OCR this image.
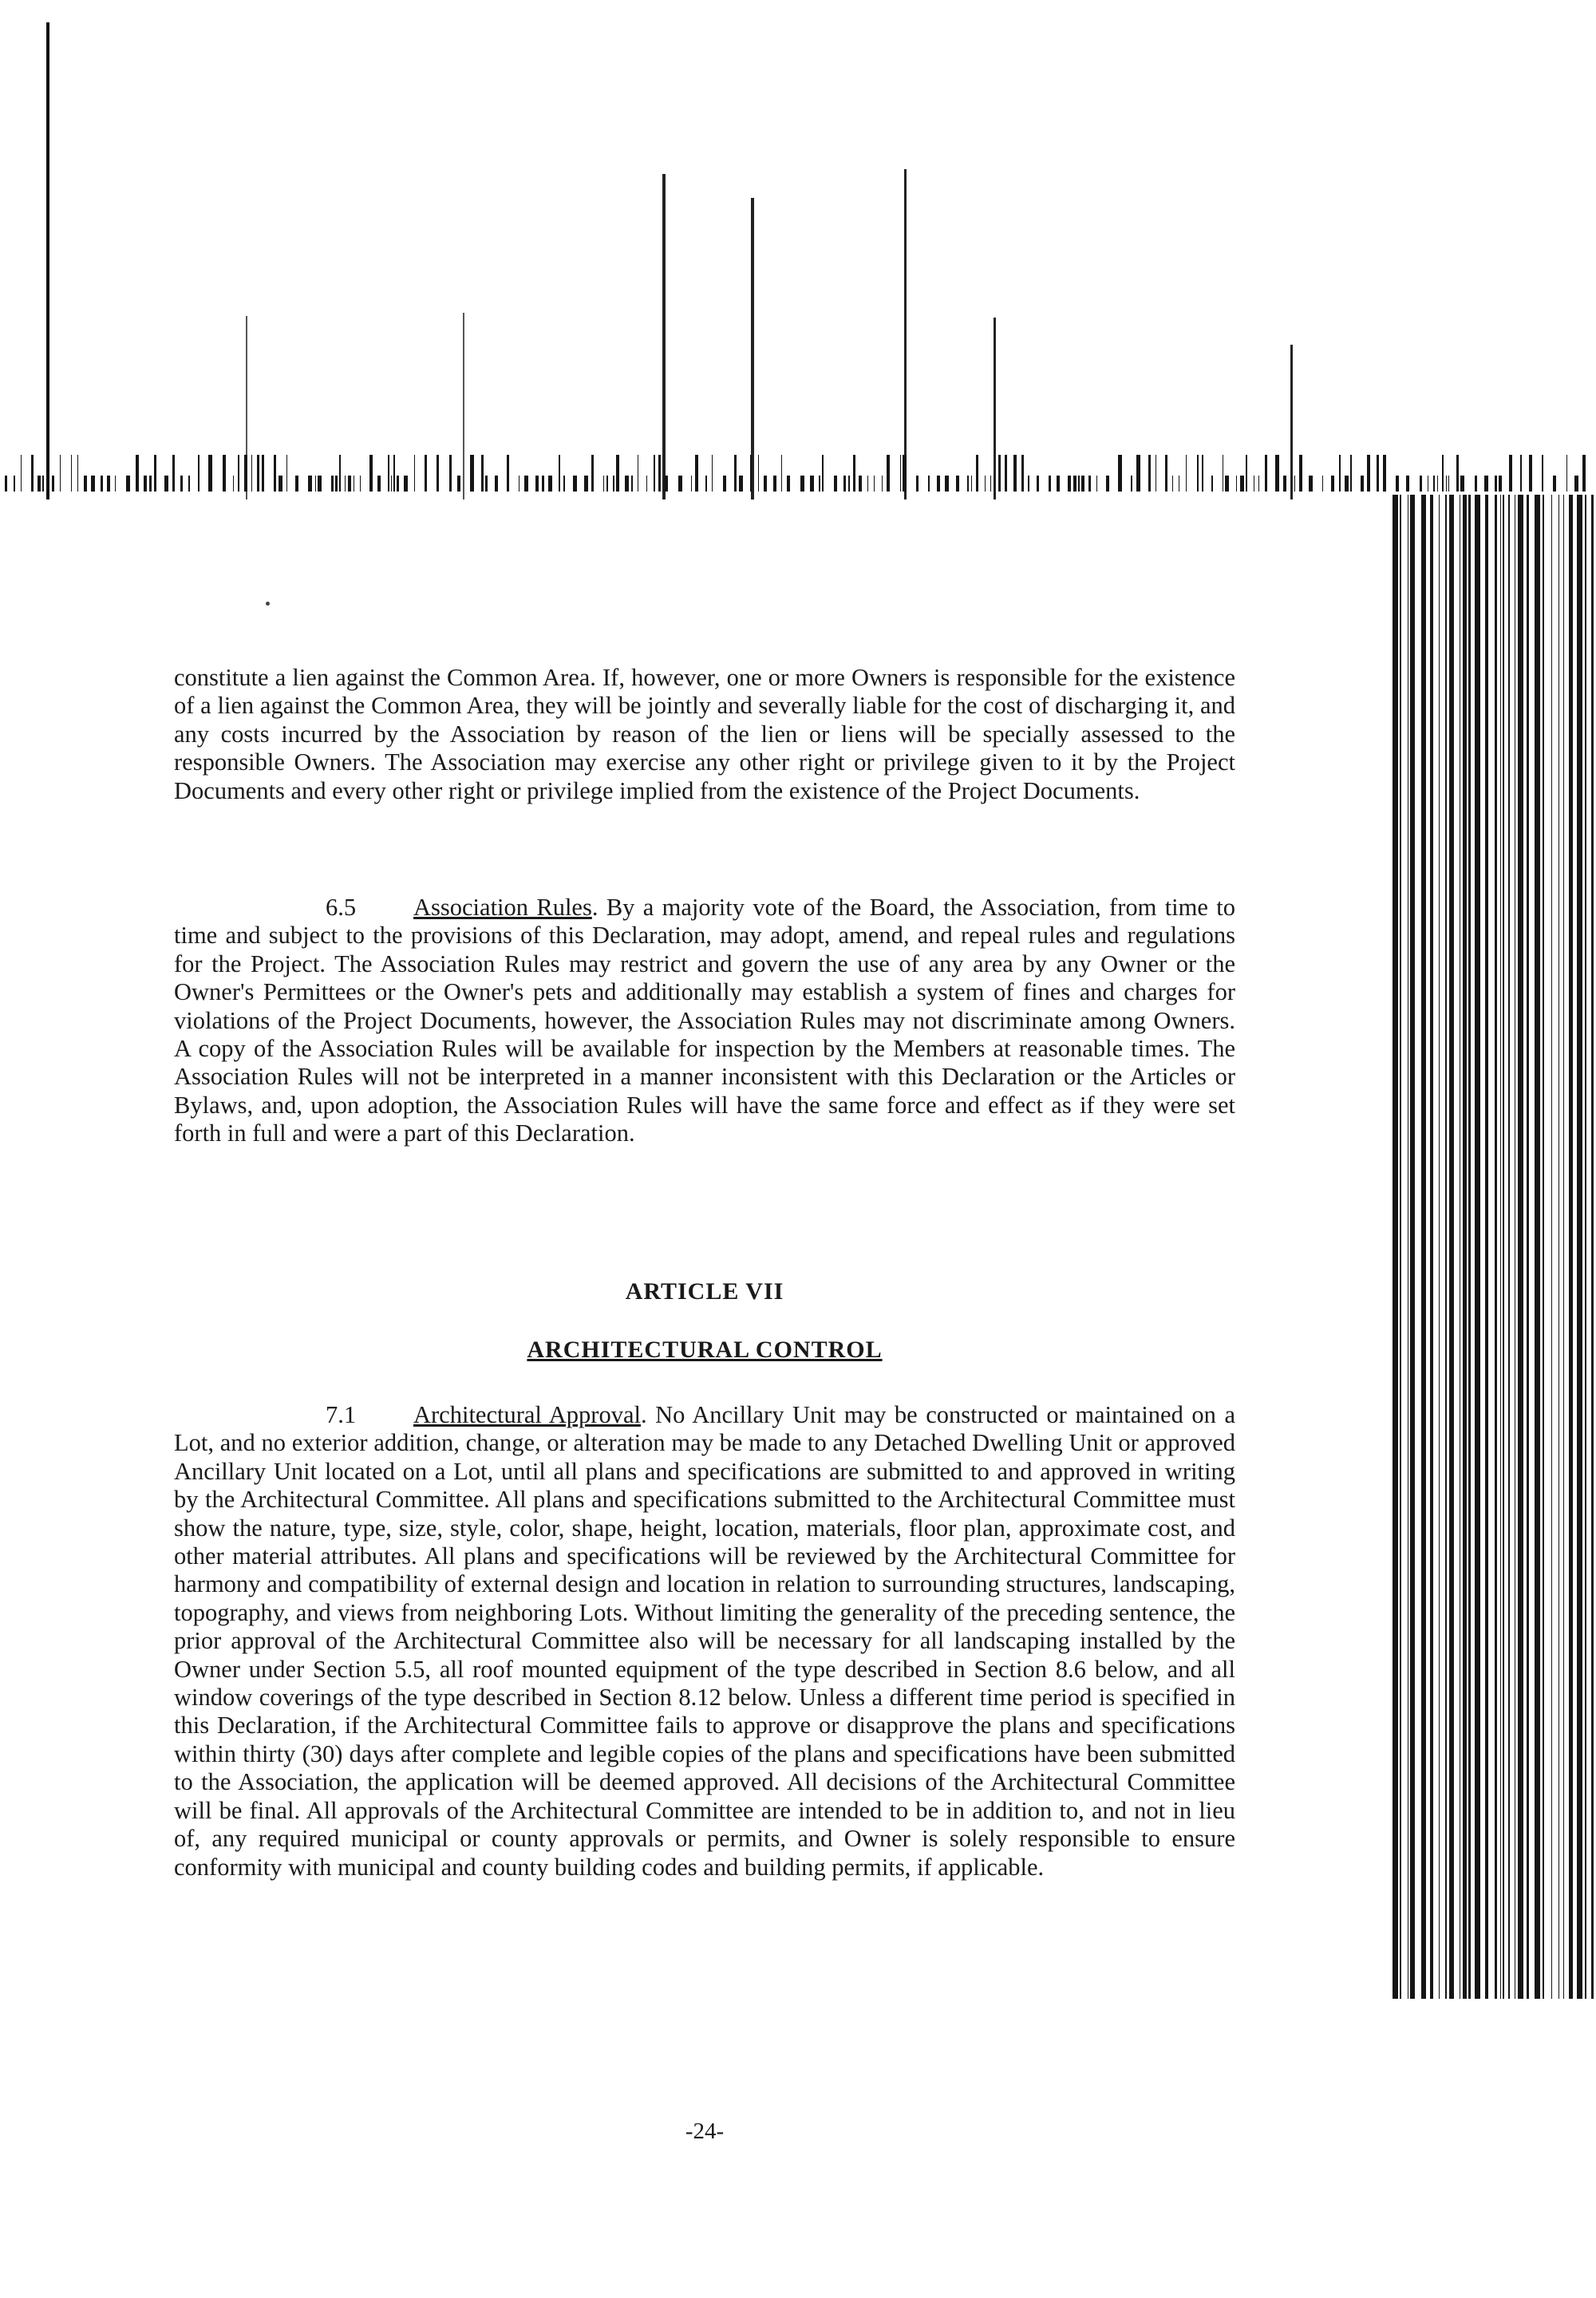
constitute a lien against the Common Area. If, however, one or more Owners is responsible for the existence of a lien against the Common Area, they will be jointly and severally liable for the cost of discharging it, and any costs incurred by the Association by reason of the lien or liens will be specially assessed to the responsible Owners. The Association may exercise any other right or privilege given to it by the Project Documents and every other right or privilege implied from the existence of the Project Documents.

6.5 Association Rules. By a majority vote of the Board, the Association, from time to time and subject to the provisions of this Declaration, may adopt, amend, and repeal rules and regulations for the Project. The Association Rules may restrict and govern the use of any area by any Owner or the Owner's Permittees or the Owner's pets and additionally may establish a system of fines and charges for violations of the Project Documents, however, the Association Rules may not discriminate among Owners. A copy of the Association Rules will be available for inspection by the Members at reasonable times. The Association Rules will not be interpreted in a manner inconsistent with this Declaration or the Articles or Bylaws, and, upon adoption, the Association Rules will have the same force and effect as if they were set forth in full and were a part of this Declaration.

ARTICLE VII

ARCHITECTURAL CONTROL

7.1 Architectural Approval. No Ancillary Unit may be constructed or maintained on a Lot, and no exterior addition, change, or alteration may be made to any Detached Dwelling Unit or approved Ancillary Unit located on a Lot, until all plans and specifications are submitted to and approved in writing by the Architectural Committee. All plans and specifications submitted to the Architectural Committee must show the nature, type, size, style, color, shape, height, location, materials, floor plan, approximate cost, and other material attributes. All plans and specifications will be reviewed by the Architectural Committee for harmony and compatibility of external design and location in relation to surrounding structures, landscaping, topography, and views from neighboring Lots. Without limiting the generality of the preceding sentence, the prior approval of the Architectural Committee also will be necessary for all landscaping installed by the Owner under Section 5.5, all roof mounted equipment of the type described in Section 8.6 below, and all window coverings of the type described in Section 8.12 below. Unless a different time period is specified in this Declaration, if the Architectural Committee fails to approve or disapprove the plans and specifications within thirty (30) days after complete and legible copies of the plans and specifications have been submitted to the Association, the application will be deemed approved. All decisions of the Architectural Committee will be final. All approvals of the Architectural Committee are intended to be in addition to, and not in lieu of, any required municipal or county approvals or permits, and Owner is solely responsible to ensure conformity with municipal and county building codes and building permits, if applicable.

-24-
